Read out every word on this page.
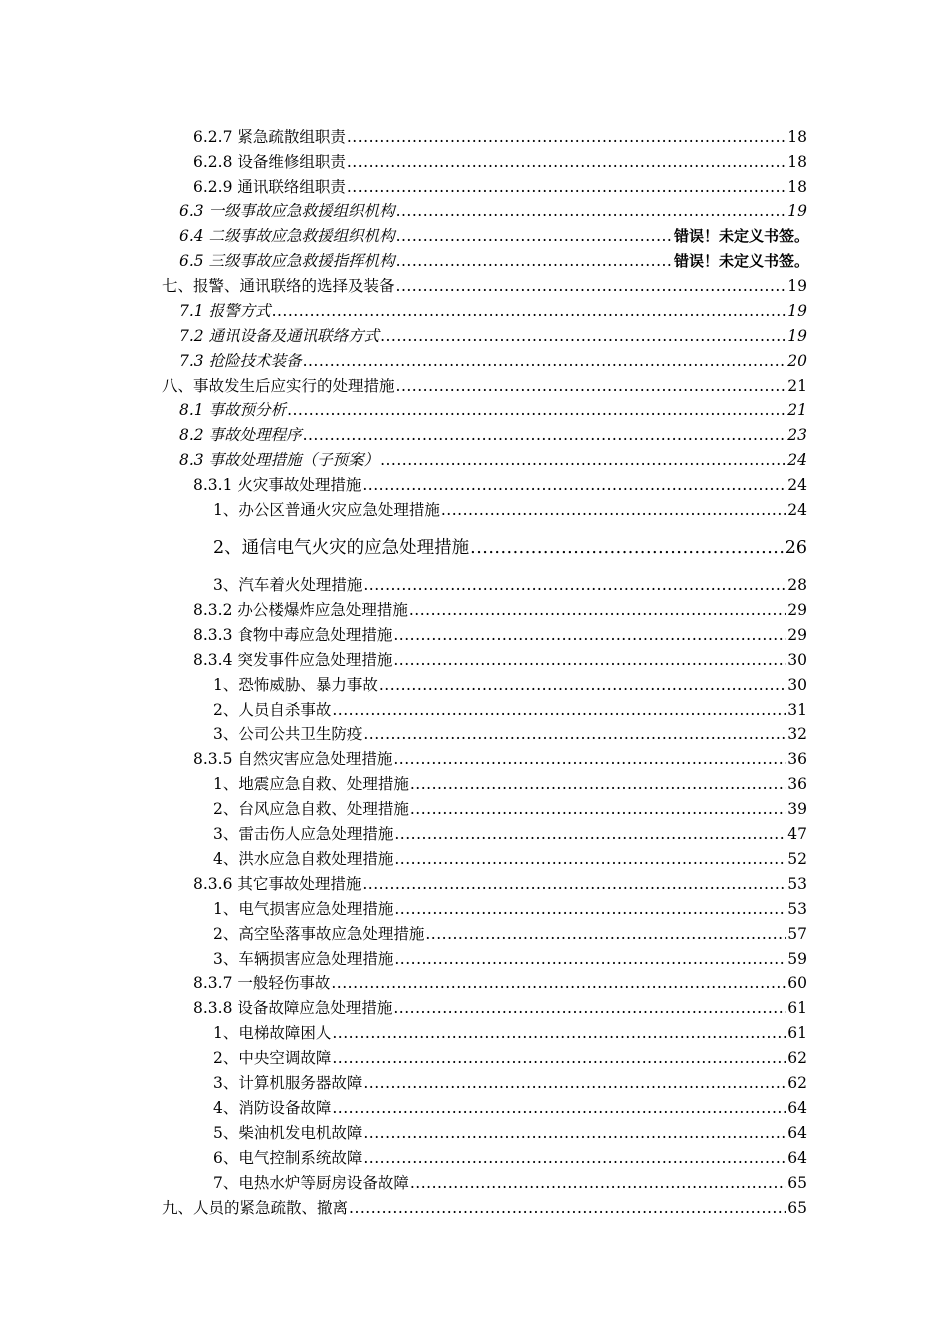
6.2.7 紧急疏散组职责 .....	18
6.2.8 设备维修组职责 .....	18
6.2.9 通讯联络组职责 .....	18
6.3 一级事故应急救援组织机构 .....	19
6.4 二级事故应急救援组织机构 .....	错误！未定义书签。
6.5 三级事故应急救援指挥机构 .....	错误！未定义书签。
七、报警、通讯联络的选择及装备 .....	19
7.1 报警方式 .....	19
7.2 通讯设备及通讯联络方式 .....	19
7.3 抢险技术装备 .....	20
八、事故发生后应实行的处理措施 .....	21
8.1 事故预分析 .....	21
8.2 事故处理程序 .....	23
8.3 事故处理措施（子预案） .....	24
8.3.1 火灾事故处理措施 .....	24
1、办公区普通火灾应急处理措施 .....	24
2、通信电气火灾的应急处理措施 .....	26
3、汽车着火处理措施 .....	28
8.3.2 办公楼爆炸应急处理措施 .....	29
8.3.3 食物中毒应急处理措施 .....	29
8.3.4 突发事件应急处理措施 .....	30
1、恐怖威胁、暴力事故 .....	30
2、人员自杀事故 .....	31
3、公司公共卫生防疫 .....	32
8.3.5 自然灾害应急处理措施 .....	36
1、地震应急自救、处理措施 .....	36
2、台风应急自救、处理措施 .....	39
3、雷击伤人应急处理措施 .....	47
4、洪水应急自救处理措施 .....	52
8.3.6 其它事故处理措施 .....	53
1、电气损害应急处理措施 .....	53
2、高空坠落事故应急处理措施 .....	57
3、车辆损害应急处理措施 .....	59
8.3.7 一般轻伤事故 .....	60
8.3.8 设备故障应急处理措施 .....	61
1、电梯故障困人 .....	61
2、中央空调故障 .....	62
3、计算机服务器故障 .....	62
4、消防设备故障 .....	64
5、柴油机发电机故障 .....	64
6、电气控制系统故障 .....	64
7、电热水炉等厨房设备故障 .....	65
九、人员的紧急疏散、撤离 .....	65
